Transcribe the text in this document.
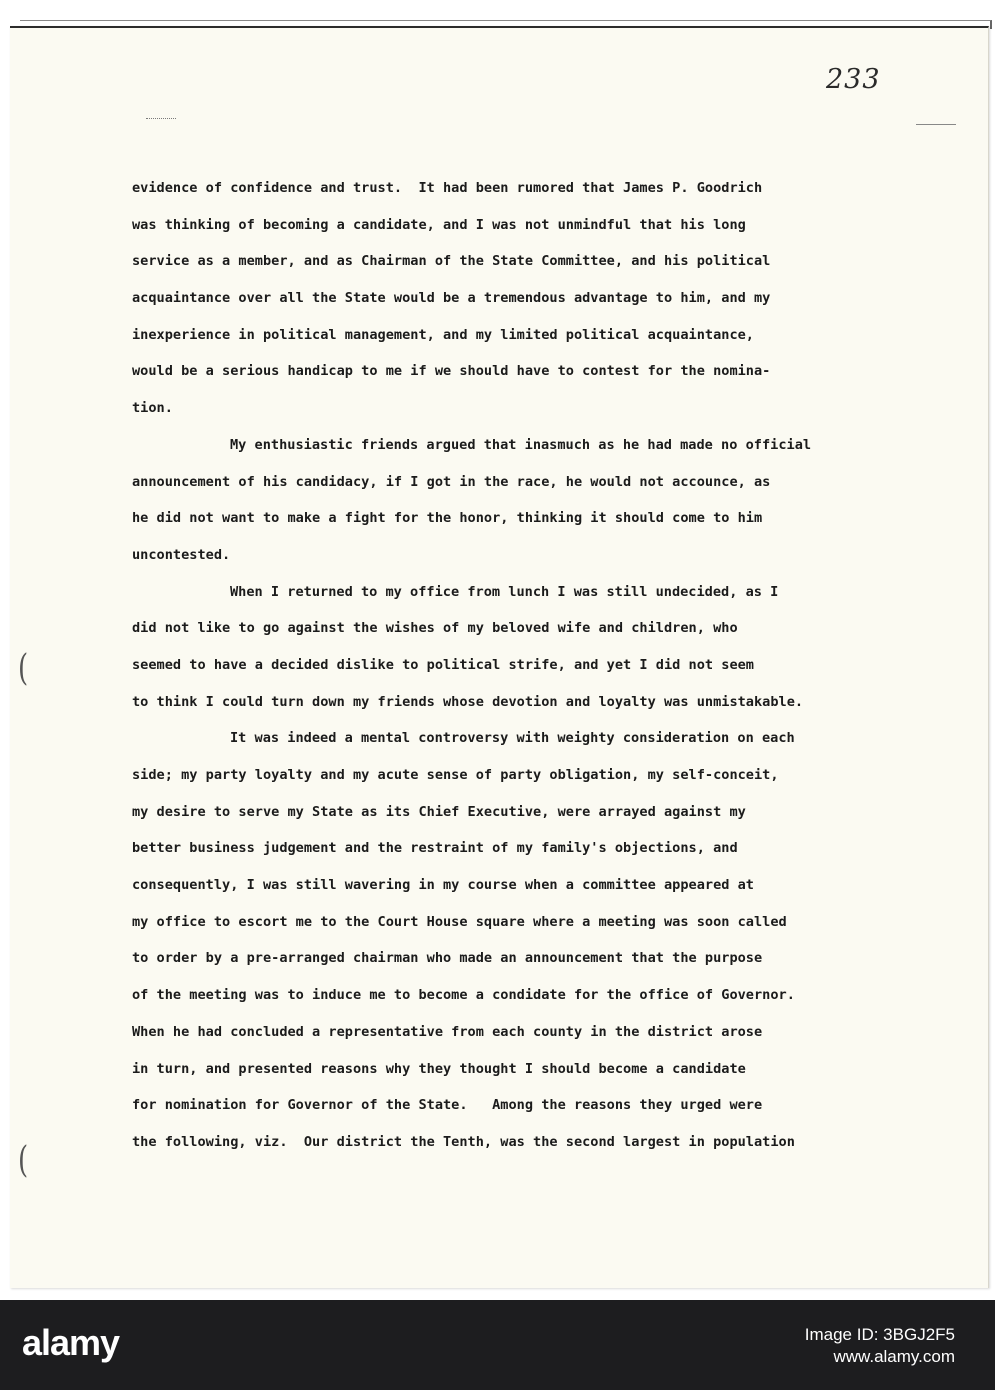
233
(
(
evidence of confidence and trust.  It had been rumored that James P. Goodrich
was thinking of becoming a candidate, and I was not unmindful that his long
service as a member, and as Chairman of the State Committee, and his political
acquaintance over all the State would be a tremendous advantage to him, and my
inexperience in political management, and my limited political acquaintance,
would be a serious handicap to me if we should have to contest for the nomina-
tion.
My enthusiastic friends argued that inasmuch as he had made no official
announcement of his candidacy, if I got in the race, he would not accounce, as
he did not want to make a fight for the honor, thinking it should come to him
uncontested.
When I returned to my office from lunch I was still undecided, as I
did not like to go against the wishes of my beloved wife and children, who
seemed to have a decided dislike to political strife, and yet I did not seem
to think I could turn down my friends whose devotion and loyalty was unmistakable.
It was indeed a mental controversy with weighty consideration on each
side; my party loyalty and my acute sense of party obligation, my self-conceit,
my desire to serve my State as its Chief Executive, were arrayed against my
better business judgement and the restraint of my family's objections, and
consequently, I was still wavering in my course when a committee appeared at
my office to escort me to the Court House square where a meeting was soon called
to order by a pre-arranged chairman who made an announcement that the purpose
of the meeting was to induce me to become a condidate for the office of Governor.
When he had concluded a representative from each county in the district arose
in turn, and presented reasons why they thought I should become a candidate
for nomination for Governor of the State.   Among the reasons they urged were
the following, viz.  Our district the Tenth, was the second largest in population
alamy	Image ID: 3BGJ2F5
www.alamy.com
